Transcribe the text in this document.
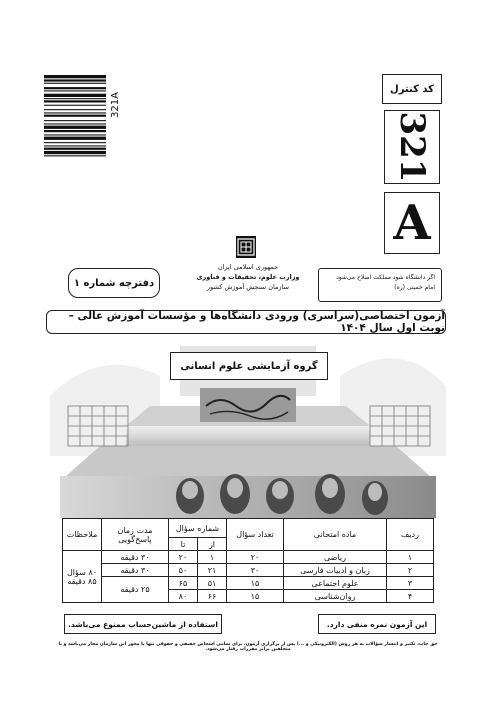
321A
کد کنترل
321
A
اگر دانشگاه شود مملکت اصلاح می‌شود
امام خمینی (ره)
دفترچه شماره ۱
جمهوری اسلامی ایران
وزارت علوم، تحقیقات و فناوری
سازمان سنجش آموزش کشور
آزمون اختصاصی(سراسری) ورودی دانشگاه‌ها و مؤسسات آموزش عالی – نوبت اول سال ۱۴۰۴
گروه آزمایشی علوم انسانی
ردیف	ماده امتحانی	تعداد سؤال	شماره سؤال		مدت زمان پاسخ‌گویی	ملاحظات
			از	تا		
۱	ریاضی	۲۰	۱	۲۰	۳۰ دقیقه	۸۰ سؤال
۸۵ دقیقه

۲	زبان و ادبیات فارسی	۳۰	۲۱	۵۰	۳۰ دقیقه	
۳	علوم اجتماعی	۱۵	۵۱	۶۵	۲۵ دقیقه	
۴	روان‌شناسی	۱۵	۶۶	۸۰		
این آزمون نمره منفی دارد.
استفاده از ماشین‌حساب ممنوع می‌باشد.
حق چاپ، تکثیر و انتشار سؤالات به هر روش (الکترونیکی و ...) پس از برگزاری آزمون، برای تمامی اشخاص حقیقی و حقوقی تنها با مجوز این سازمان مجاز می‌باشد و با متخلفین برابر مقررات رفتار می‌شود.
